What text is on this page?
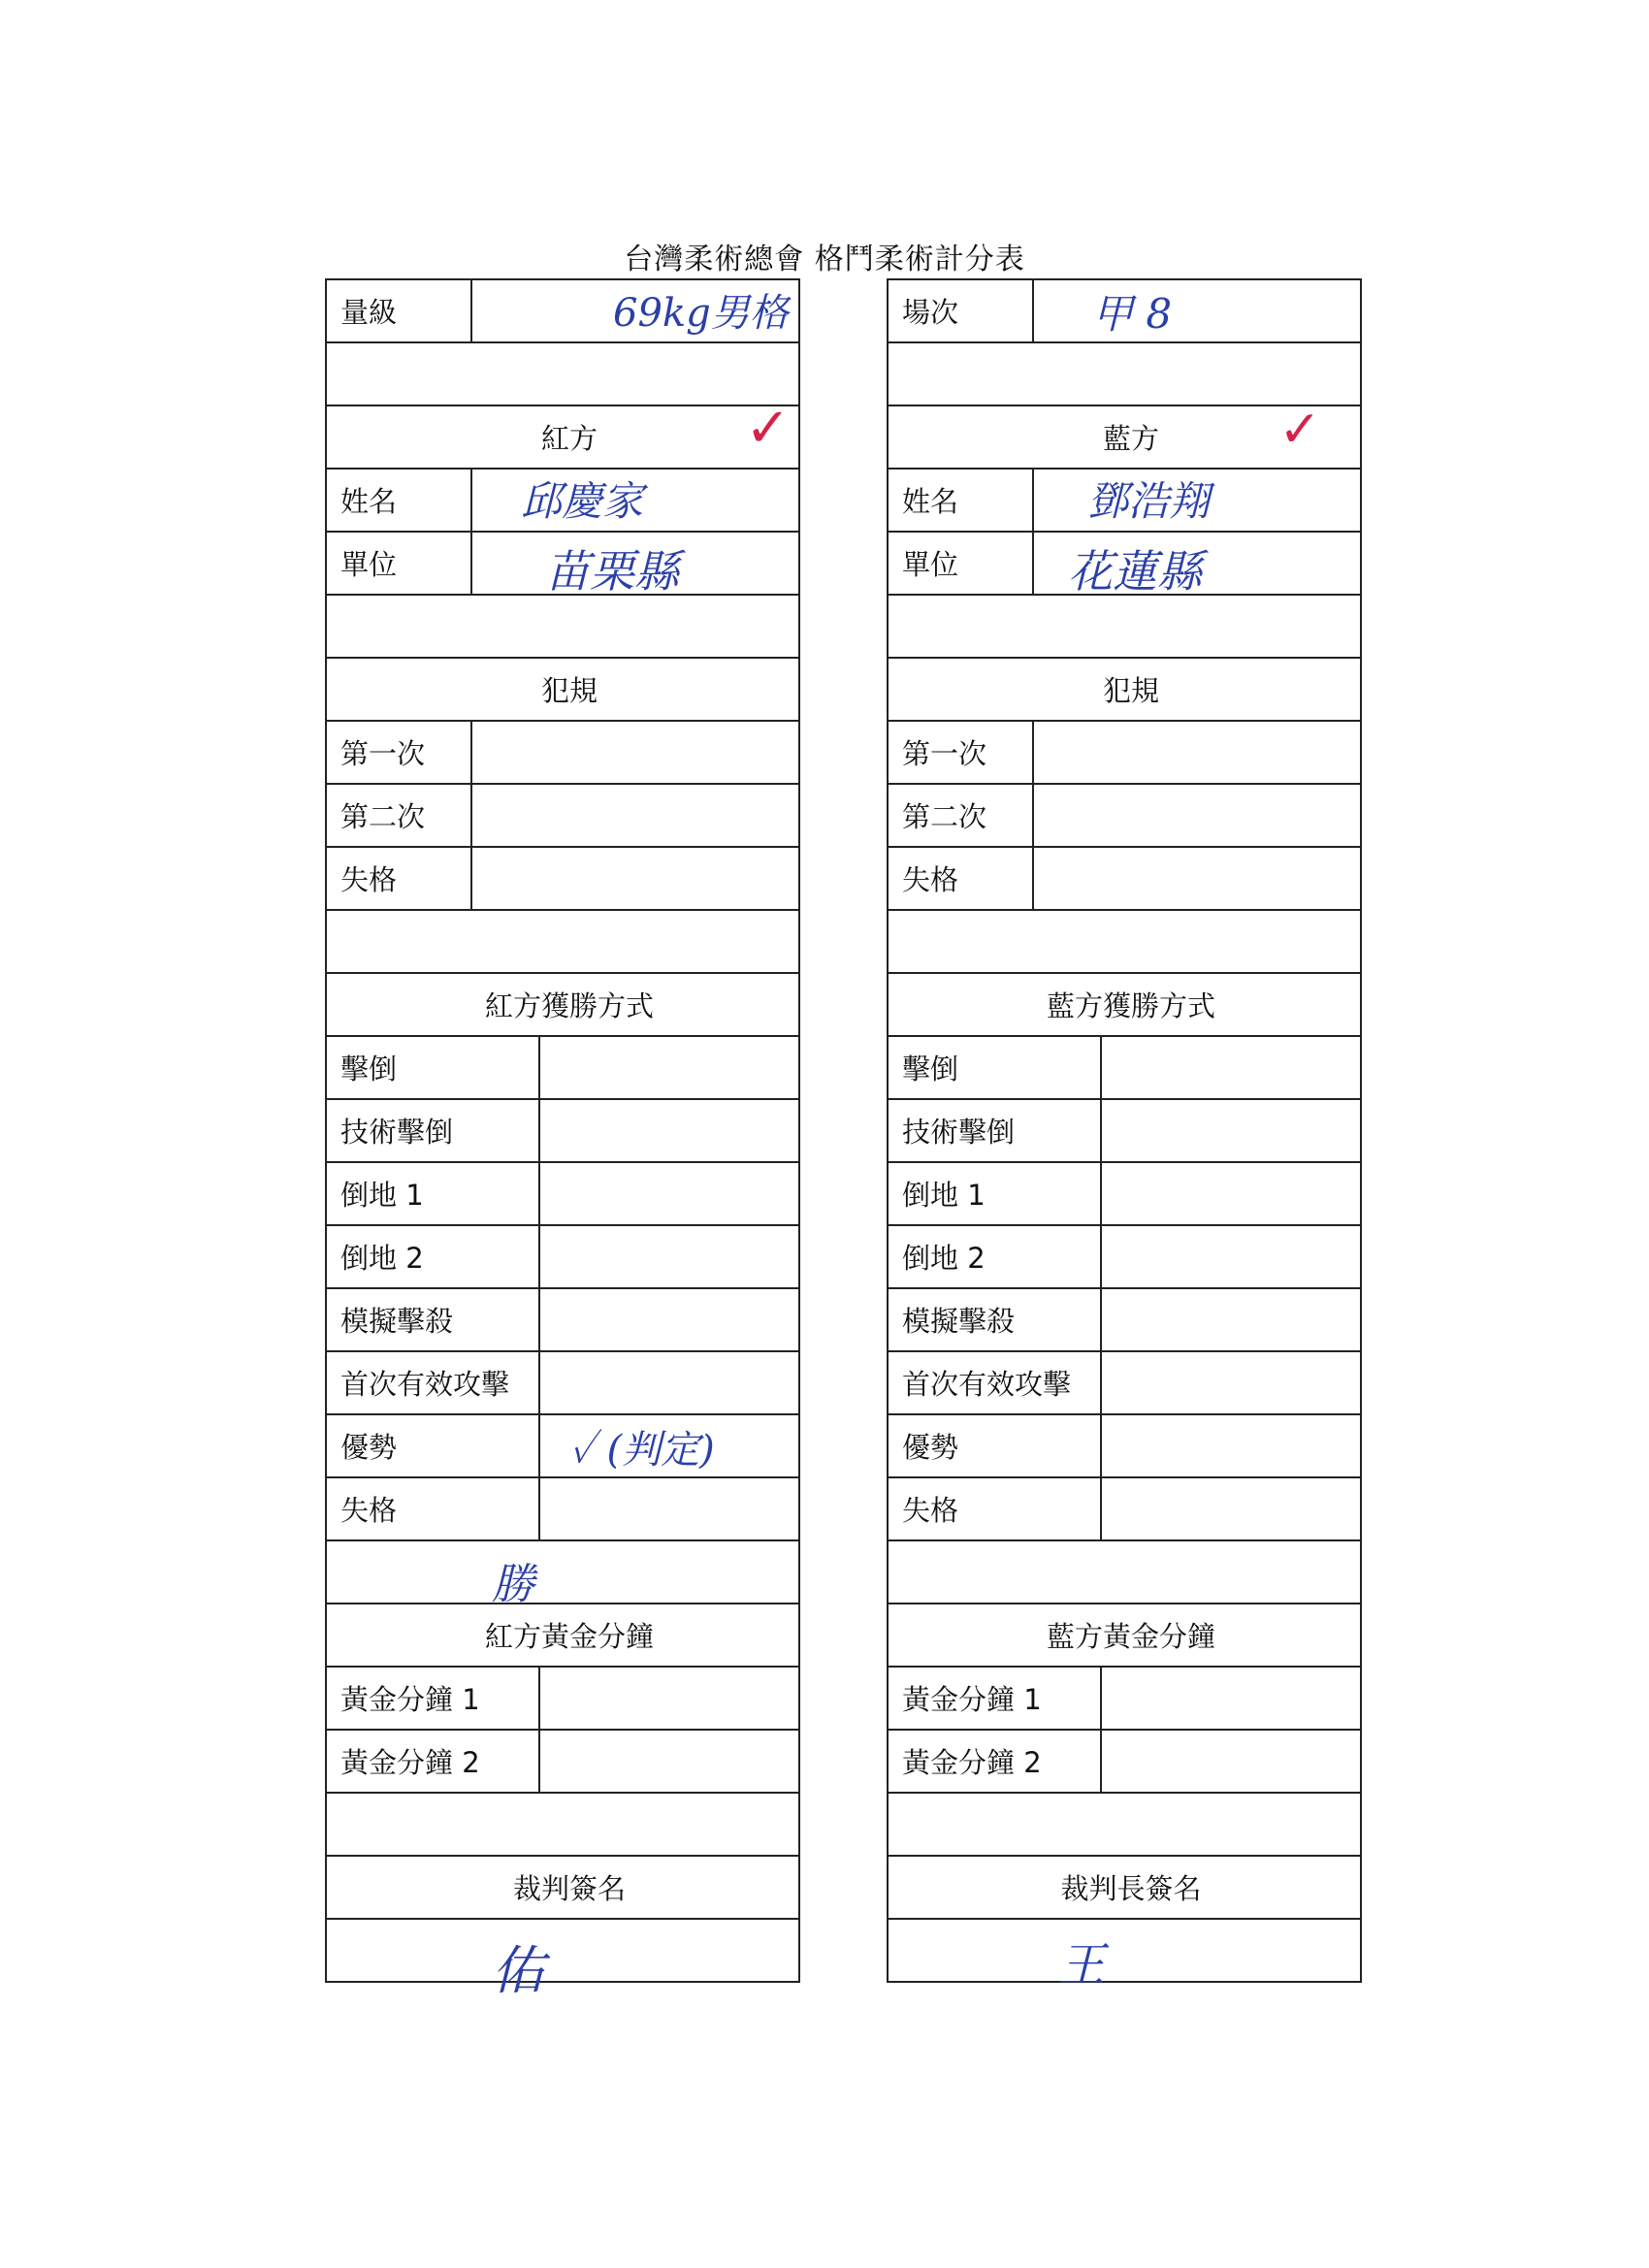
台灣柔術總會 格鬥柔術計分表
量級	69kg男格

紅方 ✓	

姓名	邱慶家

單位	苗栗縣

犯規	
第一次	
第二次	
失格	

紅方獲勝方式	
擊倒	
技術擊倒	
倒地 1	
倒地 2	
模擬擊殺	
首次有效攻擊	
優勢	✓ (判定)

失格	

勝	
紅方黃金分鐘	
黃金分鐘 1	
黃金分鐘 2	

裁判簽名	

佑	
場次	甲 8

藍方 ✓	

姓名	鄧浩翔

單位	花蓮縣

犯規	
第一次	
第二次	
失格	

藍方獲勝方式	
擊倒	
技術擊倒	
倒地 1	
倒地 2	
模擬擊殺	
首次有效攻擊	
優勢	
失格	

藍方黃金分鐘	
黃金分鐘 1	
黃金分鐘 2	

裁判長簽名	

王	
